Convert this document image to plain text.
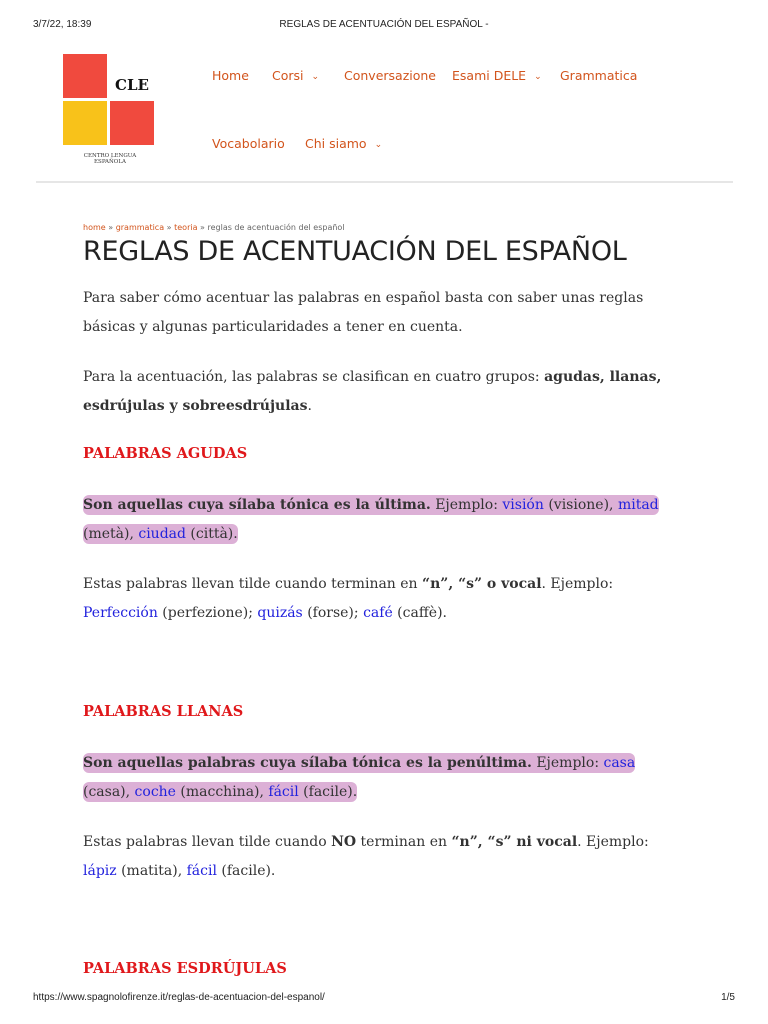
3/7/22, 18:39	REGLAS DE ACENTUACIÓN DEL ESPAÑOL -
CLE
CENTRO LENGUA
ESPAÑOLA
Home Corsi ⌄ Conversazione Esami DELE ⌄ Grammatica
Vocabolario Chi siamo ⌄
home » grammatica » teoria » reglas de acentuación del español
REGLAS DE ACENTUACIÓN DEL ESPAÑOL

Para saber cómo acentuar las palabras en español basta con saber unas reglas básicas y algunas particularidades a tener en cuenta.

Para la acentuación, las palabras se clasifican en cuatro grupos: agudas, llanas, esdrújulas y sobreesdrújulas.

PALABRAS AGUDAS

Son aquellas cuya sílaba tónica es la última. Ejemplo: visión (visione), mitad (metà), ciudad (città).

Estas palabras llevan tilde cuando terminan en “n”, “s” o vocal. Ejemplo: Perfección (perfezione); quizás (forse); café (caffè).

PALABRAS LLANAS

Son aquellas palabras cuya sílaba tónica es la penúltima. Ejemplo: casa (casa), coche (macchina), fácil (facile).

Estas palabras llevan tilde cuando NO terminan en “n”, “s” ni vocal. Ejemplo: lápiz (matita), fácil (facile).

PALABRAS ESDRÚJULAS
https://www.spagnolofirenze.it/reglas-de-acentuacion-del-espanol/	1/5
